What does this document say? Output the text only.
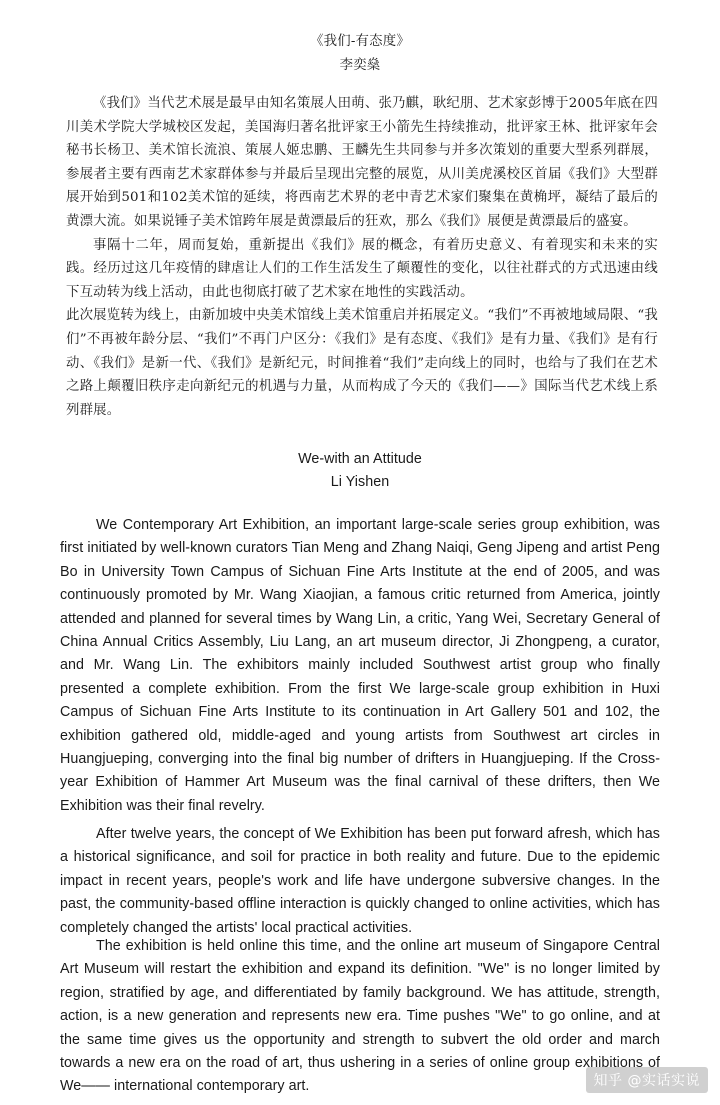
《我们-有态度》

李奕燊

《我们》当代艺术展是最早由知名策展人田萌、张乃麒，耿纪朋、艺术家彭博于2005年底在四川美术学院大学城校区发起，美国海归著名批评家王小箭先生持续推动，批评家王林、批评家年会秘书长杨卫、美术馆长流浪、策展人姬忠鹏、王麟先生共同参与并多次策划的重要大型系列群展，参展者主要有西南艺术家群体参与并最后呈现出完整的展览，从川美虎溪校区首届《我们》大型群展开始到501和102美术馆的延续，将西南艺术界的老中青艺术家们聚集在黄桷坪，凝结了最后的黄漂大流。如果说锤子美术馆跨年展是黄漂最后的狂欢，那么《我们》展便是黄漂最后的盛宴。

事隔十二年，周而复始，重新提出《我们》展的概念，有着历史意义、有着现实和未来的实践。经历过这几年疫情的肆虐让人们的工作生活发生了颠覆性的变化，以往社群式的方式迅速由线下互动转为线上活动，由此也彻底打破了艺术家在地性的实践活动。

此次展览转为线上，由新加坡中央美术馆线上美术馆重启并拓展定义。“我们”不再被地域局限、“我们”不再被年龄分层、“我们”不再门户区分：《我们》是有态度、《我们》是有力量、《我们》是有行动、《我们》是新一代、《我们》是新纪元，时间推着“我们”走向线上的同时，也给与了我们在艺术之路上颠覆旧秩序走向新纪元的机遇与力量，从而构成了今天的《我们——》国际当代艺术线上系列群展。

We-with an Attitude

Li Yishen

We Contemporary Art Exhibition, an important large-scale series group exhibition, was first initiated by well-known curators Tian Meng and Zhang Naiqi, Geng Jipeng and artist Peng Bo in University Town Campus of Sichuan Fine Arts Institute at the end of 2005, and was continuously promoted by Mr. Wang Xiaojian, a famous critic returned from America, jointly attended and planned for several times by Wang Lin, a critic, Yang Wei, Secretary General of China Annual Critics Assembly, Liu Lang, an art museum director, Ji Zhongpeng, a curator, and Mr. Wang Lin. The exhibitors mainly included Southwest artist group who finally presented a complete exhibition. From the first We large-scale group exhibition in Huxi Campus of Sichuan Fine Arts Institute to its continuation in Art Gallery 501 and 102, the exhibition gathered old, middle-aged and young artists from Southwest art circles in Huangjueping, converging into the final big number of drifters in Huangjueping. If the Cross-year Exhibition of Hammer Art Museum was the final carnival of these drifters, then We Exhibition was their final revelry.

After twelve years, the concept of We Exhibition has been put forward afresh, which has a historical significance, and soil for practice in both reality and future. Due to the epidemic impact in recent years, people's work and life have undergone subversive changes. In the past, the community-based offline interaction is quickly changed to online activities, which has completely changed the artists' local practical activities.

The exhibition is held online this time, and the online art museum of Singapore Central Art Museum will restart the exhibition and expand its definition. "We" is no longer limited by region, stratified by age, and differentiated by family background. We has attitude, strength, action, is a new generation and represents new era. Time pushes "We" to go online, and at the same time gives us the opportunity and strength to subvert the old order and march towards a new era on the road of art, thus ushering in a series of online group exhibitions of We—— international contemporary art.	知乎 @实话实说
